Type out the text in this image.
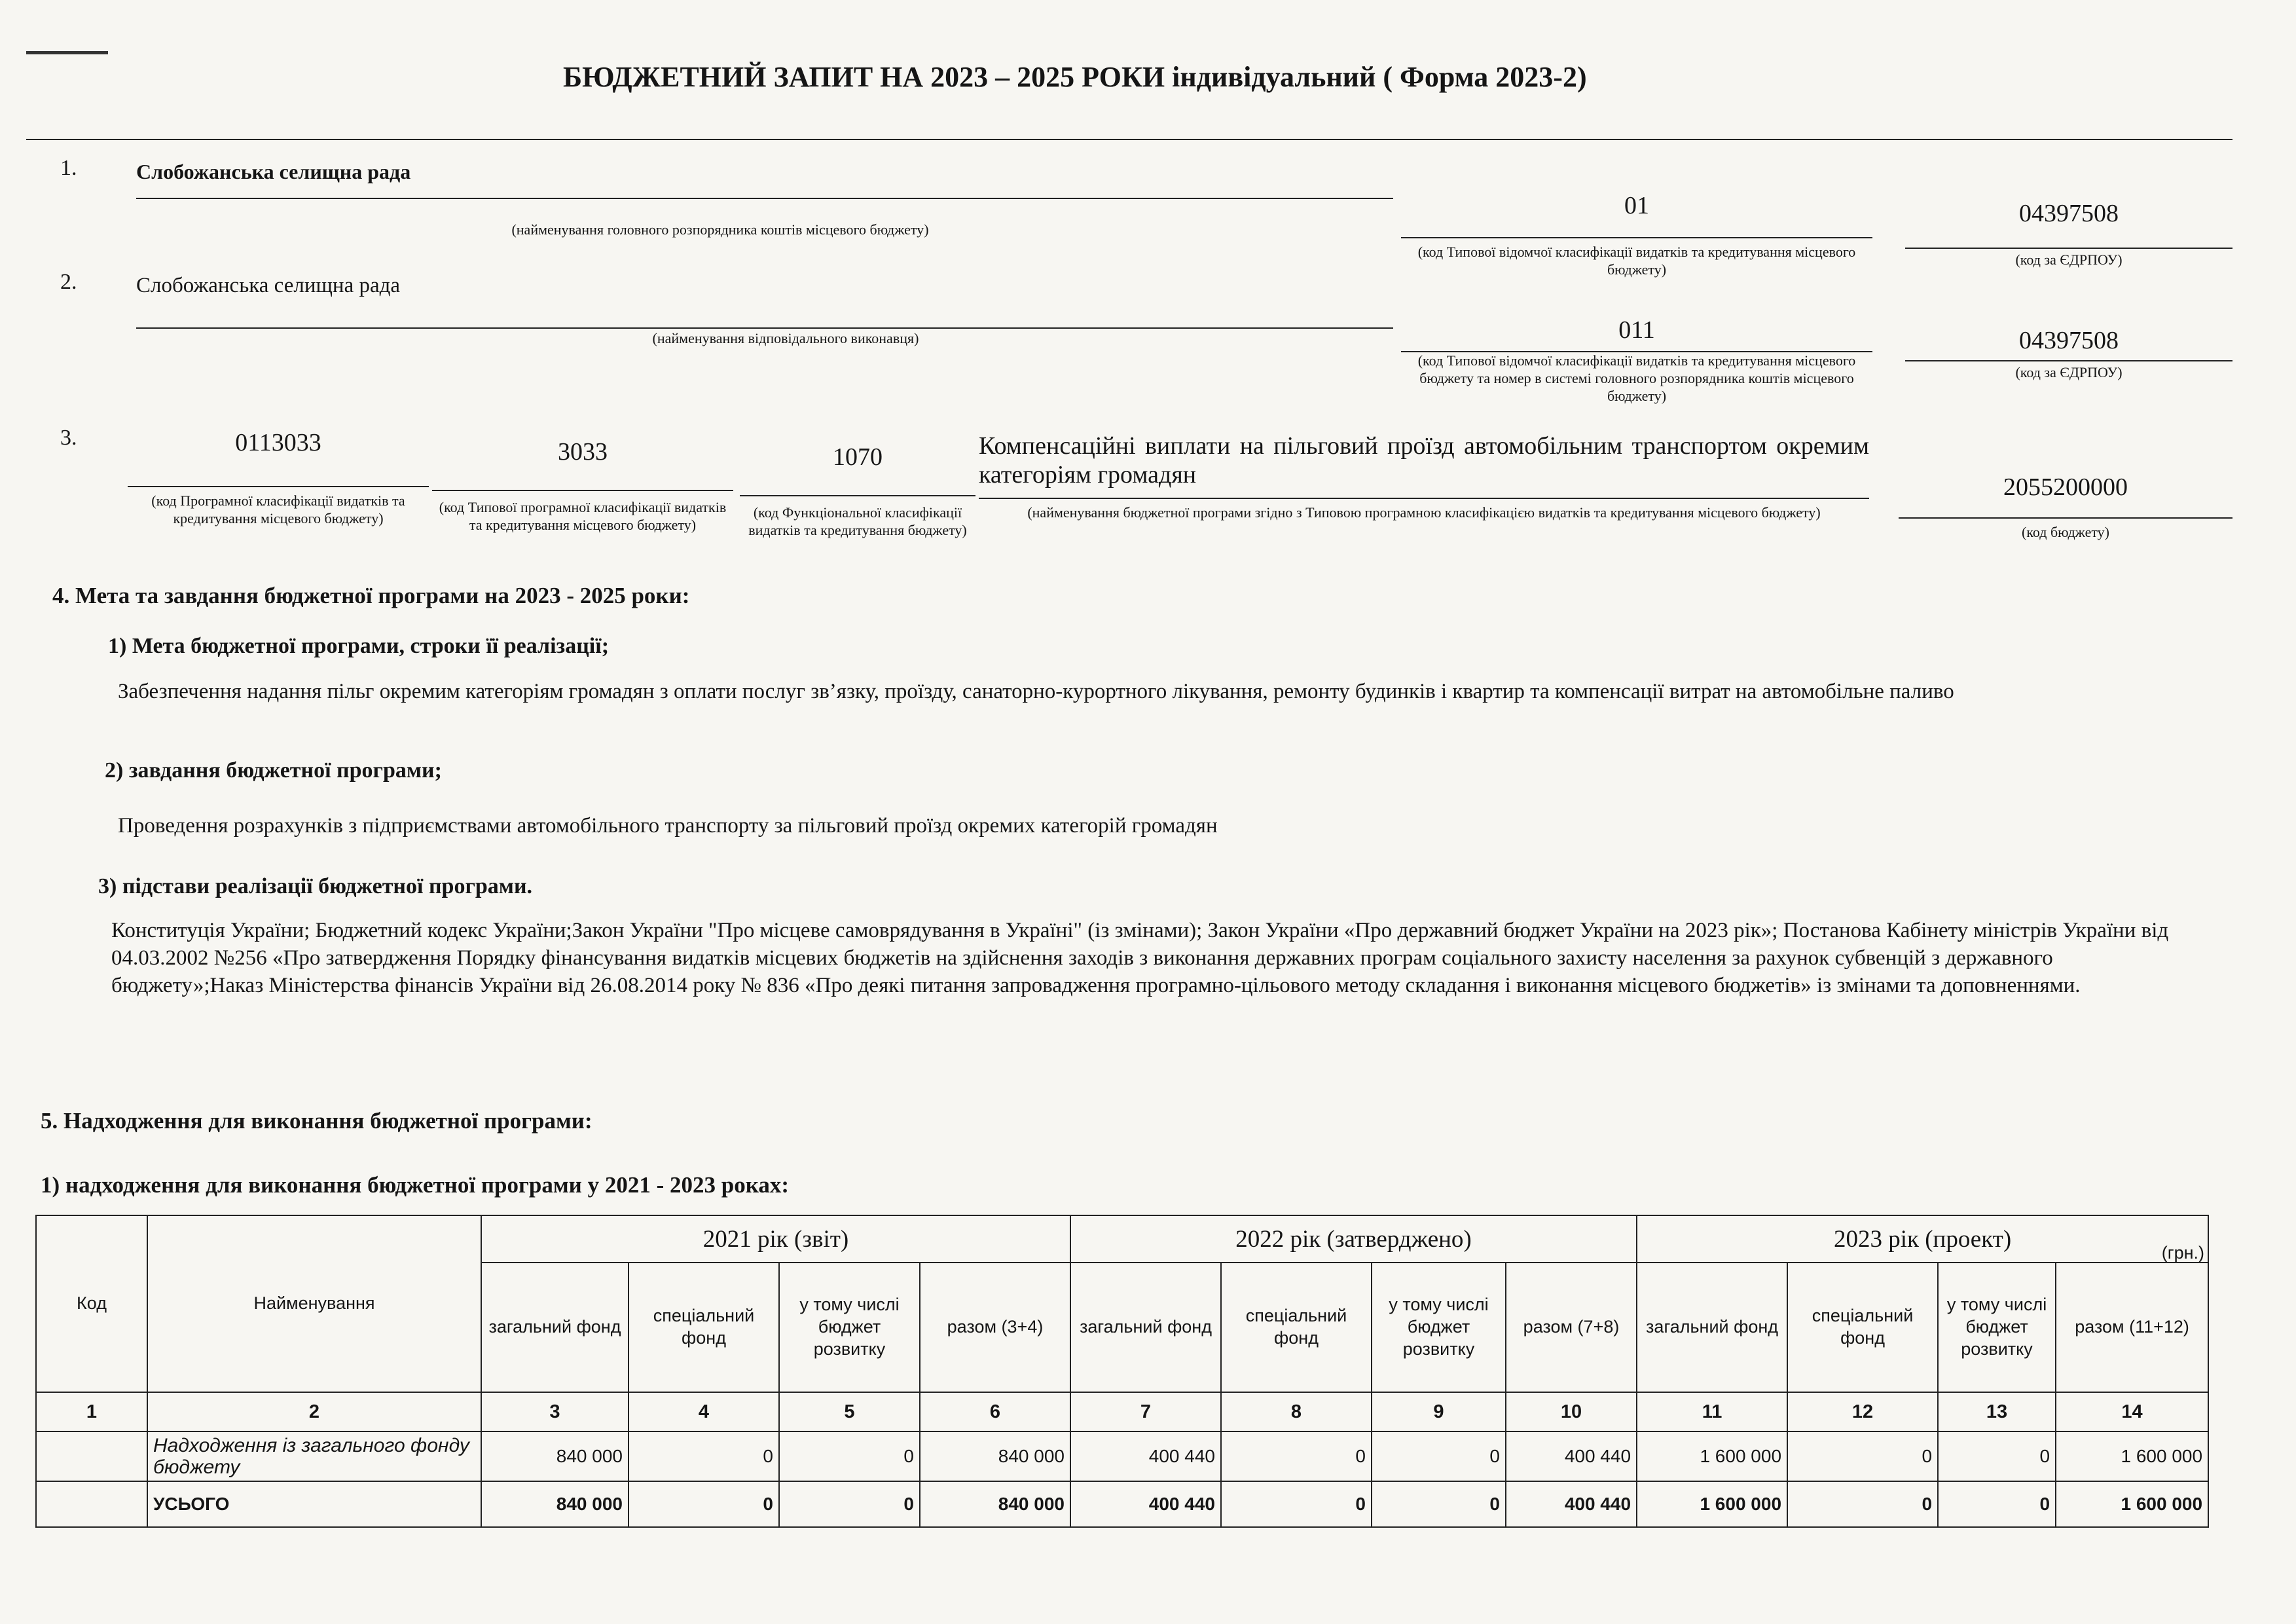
БЮДЖЕТНИЙ ЗАПИТ НА 2023 – 2025 РОКИ індивідуальний ( Форма 2023-2)
1.	Слобожанська селищна рада
(найменування головного розпорядника коштів місцевого бюджету)
01
(код Типової відомчої класифікації видатків та кредитування місцевого бюджету)
04397508
(код за ЄДРПОУ)
2.	Слобожанська селищна рада
(найменування відповідального виконавця)	011
(код Типової відомчої класифікації видатків та кредитування місцевого бюджету та номер в системі головного розпорядника коштів місцевого бюджету)
04397508
(код за ЄДРПОУ)
3.	0113033
(код Програмної класифікації видатків та кредитування місцевого бюджету)
3033
(код Типової програмної класифікації видатків та кредитування місцевого бюджету)
1070
(код Функціональної класифікації видатків та кредитування бюджету)
Компенсаційні виплати на пільговий проїзд автомобільним транспортом окремим категоріям громадян
(найменування бюджетної програми згідно з Типовою програмною класифікацією видатків та кредитування місцевого бюджету)
2055200000
(код бюджету)
4. Мета та завдання бюджетної програми на 2023 - 2025 роки:
1) Мета бюджетної програми, строки її реалізації;
Забезпечення надання пільг окремим категоріям громадян з оплати послуг зв’язку, проїзду, санаторно-курортного лікування, ремонту будинків і квартир та компенсації витрат на автомобільне паливо
2) завдання бюджетної програми;
Проведення розрахунків з підприємствами автомобільного транспорту за пільговий проїзд окремих категорій громадян
3) підстави реалізації бюджетної програми.
Конституція України; Бюджетний кодекс України;Закон України "Про місцеве самоврядування в Україні" (із змінами); Закон України «Про державний бюджет України на 2023 рік»; Постанова Кабінету міністрів України від 04.03.2002 №256 «Про затвердження Порядку фінансування видатків місцевих бюджетів на здійснення заходів з виконання державних програм соціального захисту населення за рахунок субвенцій з державного бюджету»;Наказ Міністерства фінансів України від 26.08.2014 року № 836 «Про деякі питання запровадження програмно-цільового методу складання і виконання місцевого бюджетів» із змінами та доповненнями.
5. Надходження для виконання бюджетної програми:
1) надходження для виконання бюджетної програми у 2021 - 2023 роках:
(грн.)
Код	Найменування	2021 рік (звіт)				2022 рік (затверджено)				2023 рік (проект)			
		загальний фонд	спеціальний фонд	у тому числі бюджет розвитку	разом (3+4)	загальний фонд	спеціальний фонд	у тому числі бюджет розвитку	разом (7+8)	загальний фонд	спеціальний фонд	у тому числі бюджет розвитку	разом (11+12)
1	2	3	4	5	6	7	8	9	10	11	12	13	14
	Надходження із загального фонду бюджету	840 000	0	0	840 000	400 440	0	0	400 440	1 600 000	0	0	1 600 000
	УСЬОГО	840 000	0	0	840 000	400 440	0	0	400 440	1 600 000	0	0	1 600 000
